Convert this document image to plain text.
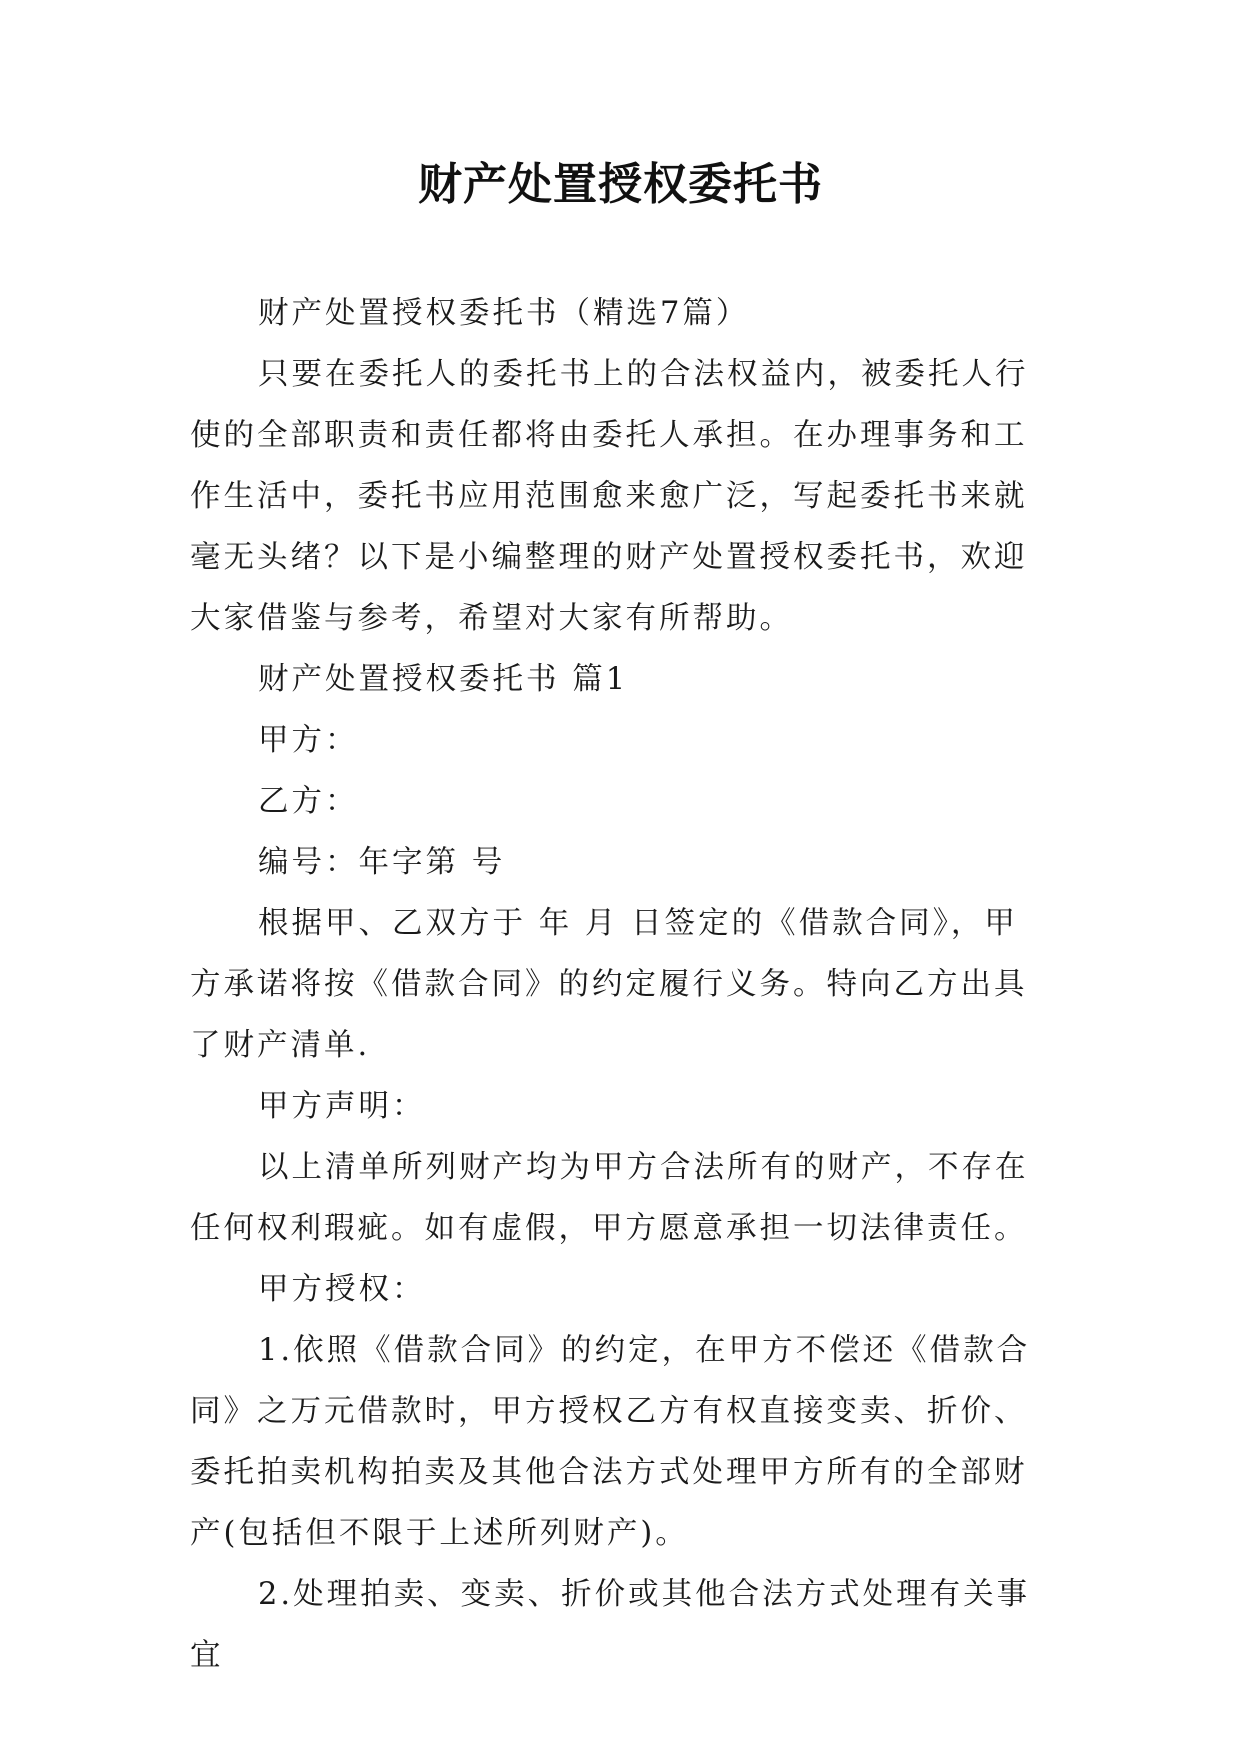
财产处置授权委托书

财产处置授权委托书（精选7篇）

只要在委托人的委托书上的合法权益内，被委托人行使的全部职责和责任都将由委托人承担。在办理事务和工作生活中，委托书应用范围愈来愈广泛，写起委托书来就毫无头绪？以下是小编整理的财产处置授权委托书，欢迎大家借鉴与参考，希望对大家有所帮助。

财产处置授权委托书 篇1

甲方：

乙方：

编号：年字第 号

根据甲、乙双方于 年 月 日签定的《借款合同》，甲方承诺将按《借款合同》的约定履行义务。特向乙方出具了财产清单.

甲方声明：

以上清单所列财产均为甲方合法所有的财产，不存在任何权利瑕疵。如有虚假，甲方愿意承担一切法律责任。

甲方授权：

1.依照《借款合同》的约定，在甲方不偿还《借款合同》之万元借款时，甲方授权乙方有权直接变卖、折价、委托拍卖机构拍卖及其他合法方式处理甲方所有的全部财产(包括但不限于上述所列财产)。

2.处理拍卖、变卖、折价或其他合法方式处理有关事宜
